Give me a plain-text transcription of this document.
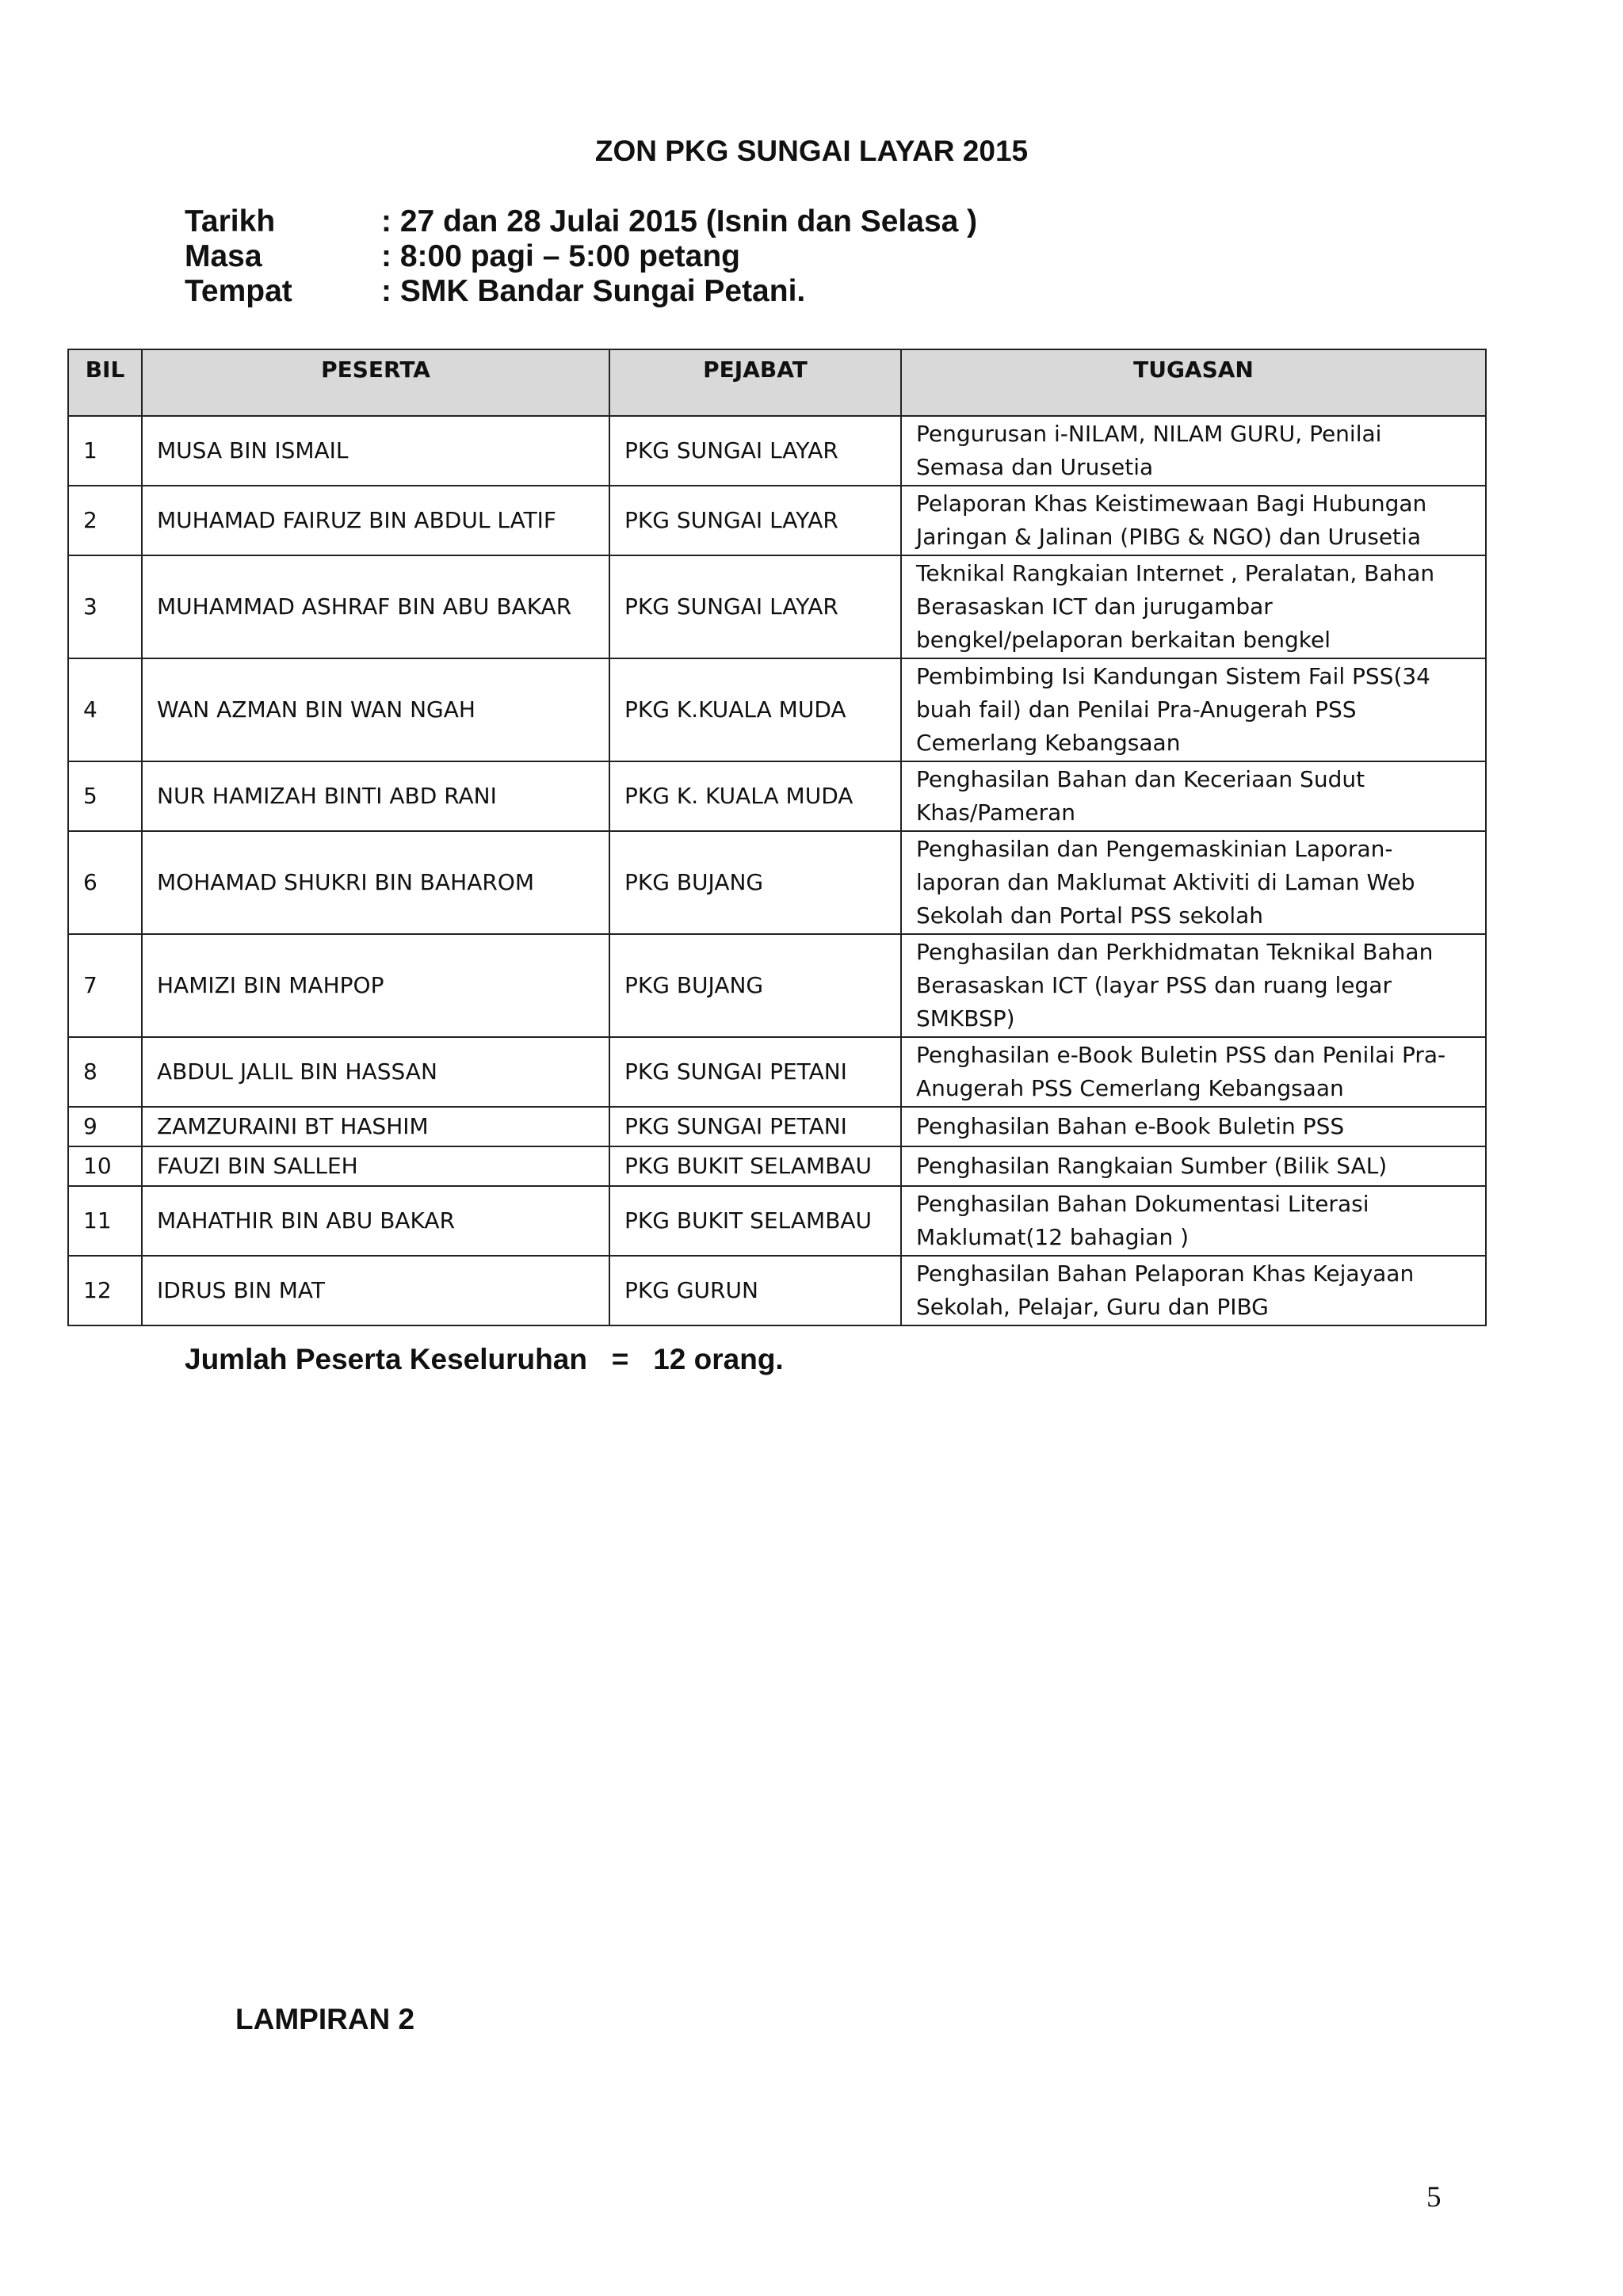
ZON PKG SUNGAI LAYAR 2015
Tarikh	: 27 dan 28 Julai 2015 (Isnin dan Selasa )
Masa	: 8:00 pagi – 5:00 petang
Tempat	: SMK Bandar Sungai Petani.
BIL	PESERTA	PEJABAT	TUGASAN
1	MUSA BIN ISMAIL	PKG SUNGAI LAYAR	Pengurusan i-NILAM, NILAM GURU, Penilai
Semasa dan Urusetia

2	MUHAMAD FAIRUZ BIN ABDUL LATIF	PKG SUNGAI LAYAR	Pelaporan Khas Keistimewaan Bagi Hubungan
Jaringan & Jalinan (PIBG & NGO) dan Urusetia

3	MUHAMMAD ASHRAF BIN ABU BAKAR	PKG SUNGAI LAYAR	Teknikal Rangkaian Internet , Peralatan, Bahan
Berasaskan ICT dan jurugambar
bengkel/pelaporan berkaitan bengkel

4	WAN AZMAN BIN WAN NGAH	PKG K.KUALA MUDA	Pembimbing Isi Kandungan Sistem Fail PSS(34
buah fail) dan Penilai Pra-Anugerah PSS
Cemerlang Kebangsaan

5	NUR HAMIZAH BINTI ABD RANI	PKG K. KUALA MUDA	Penghasilan Bahan dan Keceriaan Sudut
Khas/Pameran

6	MOHAMAD SHUKRI BIN BAHAROM	PKG BUJANG	Penghasilan dan Pengemaskinian Laporan-
laporan dan Maklumat Aktiviti di Laman Web
Sekolah dan Portal PSS sekolah

7	HAMIZI BIN MAHPOP	PKG BUJANG	Penghasilan dan Perkhidmatan Teknikal Bahan
Berasaskan ICT (layar PSS dan ruang legar
SMKBSP)

8	ABDUL JALIL BIN HASSAN	PKG SUNGAI PETANI	Penghasilan e-Book Buletin PSS dan Penilai Pra-
Anugerah PSS Cemerlang Kebangsaan

9	ZAMZURAINI BT HASHIM	PKG SUNGAI PETANI	Penghasilan Bahan e-Book Buletin PSS

10	FAUZI BIN SALLEH	PKG BUKIT SELAMBAU	Penghasilan Rangkaian Sumber (Bilik SAL)

11	MAHATHIR BIN ABU BAKAR	PKG BUKIT SELAMBAU	Penghasilan Bahan Dokumentasi Literasi
Maklumat(12 bahagian )

12	IDRUS BIN MAT	PKG GURUN	Penghasilan Bahan Pelaporan Khas Kejayaan
Sekolah, Pelajar, Guru dan PIBG
Jumlah Peserta Keseluruhan   =   12 orang.
LAMPIRAN 2
5
